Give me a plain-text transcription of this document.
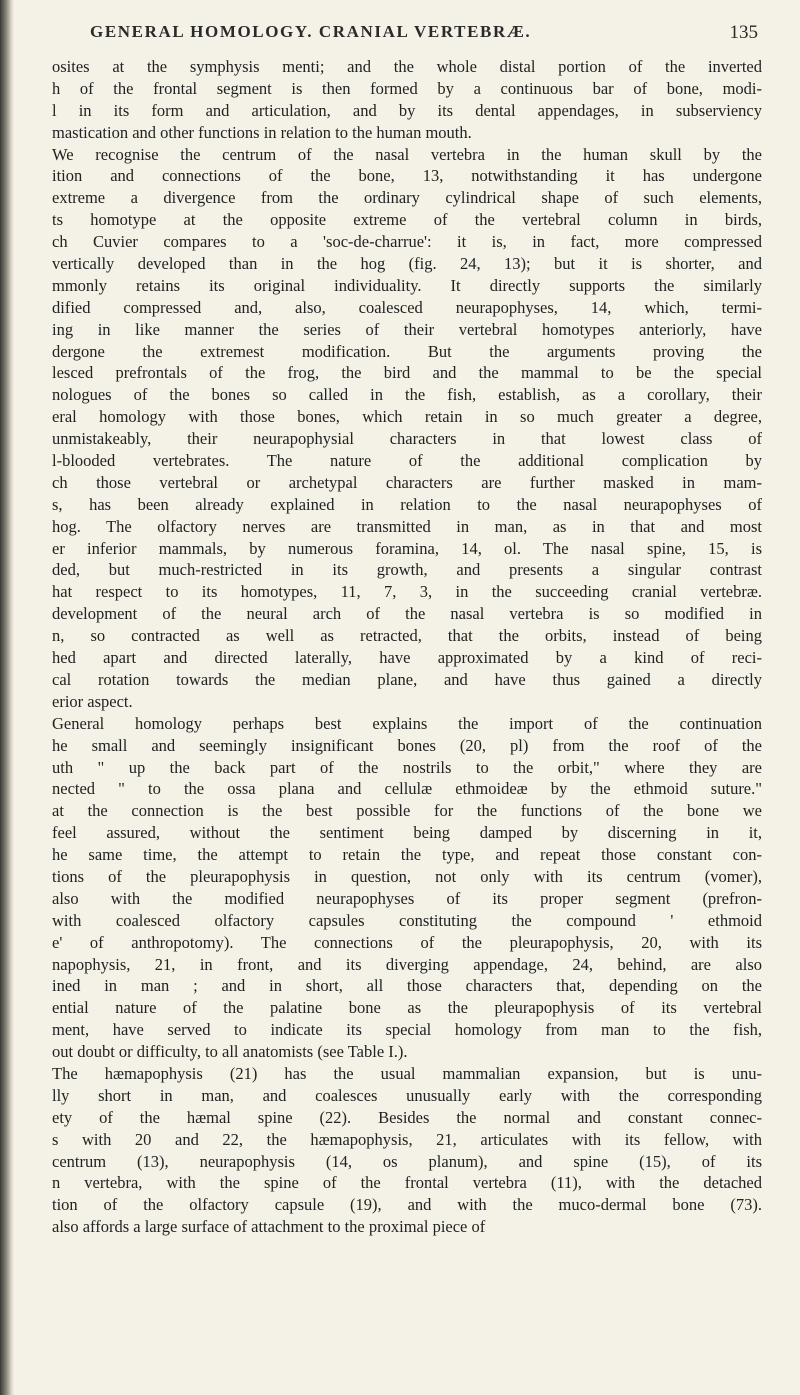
GENERAL HOMOLOGY. CRANIAL VERTEBRÆ.	135
osites at the symphysis menti; and the whole distal portion of the inverted
h of the frontal segment is then formed by a continuous bar of bone, modi-
l in its form and articulation, and by its dental appendages, in subserviency
mastication and other functions in relation to the human mouth.
We recognise the centrum of the nasal vertebra in the human skull by the
ition and connections of the bone, 13, notwithstanding it has undergone
extreme a divergence from the ordinary cylindrical shape of such elements,
ts homotype at the opposite extreme of the vertebral column in birds,
ch Cuvier compares to a 'soc-de-charrue': it is, in fact, more compressed
vertically developed than in the hog (fig. 24, 13); but it is shorter, and
mmonly retains its original individuality. It directly supports the similarly
dified compressed and, also, coalesced neurapophyses, 14, which, termi-
ing in like manner the series of their vertebral homotypes anteriorly, have
dergone the extremest modification. But the arguments proving the
lesced prefrontals of the frog, the bird and the mammal to be the special
nologues of the bones so called in the fish, establish, as a corollary, their
eral homology with those bones, which retain in so much greater a degree,
unmistakeably, their neurapophysial characters in that lowest class of
l-blooded vertebrates. The nature of the additional complication by
ch those vertebral or archetypal characters are further masked in mam-
s, has been already explained in relation to the nasal neurapophyses of
hog. The olfactory nerves are transmitted in man, as in that and most
er inferior mammals, by numerous foramina, 14, ol. The nasal spine, 15, is
ded, but much-restricted in its growth, and presents a singular contrast
hat respect to its homotypes, 11, 7, 3, in the succeeding cranial vertebræ.
development of the neural arch of the nasal vertebra is so modified in
n, so contracted as well as retracted, that the orbits, instead of being
hed apart and directed laterally, have approximated by a kind of reci-
cal rotation towards the median plane, and have thus gained a directly
erior aspect.
General homology perhaps best explains the import of the continuation
he small and seemingly insignificant bones (20, pl) from the roof of the
uth " up the back part of the nostrils to the orbit," where they are
nected " to the ossa plana and cellulæ ethmoideæ by the ethmoid suture."
at the connection is the best possible for the functions of the bone we
feel assured, without the sentiment being damped by discerning in it,
he same time, the attempt to retain the type, and repeat those constant con-
tions of the pleurapophysis in question, not only with its centrum (vomer),
also with the modified neurapophyses of its proper segment (prefron-
with coalesced olfactory capsules constituting the compound ' ethmoid
e' of anthropotomy). The connections of the pleurapophysis, 20, with its
napophysis, 21, in front, and its diverging appendage, 24, behind, are also
ined in man ; and in short, all those characters that, depending on the
ential nature of the palatine bone as the pleurapophysis of its vertebral
ment, have served to indicate its special homology from man to the fish,
out doubt or difficulty, to all anatomists (see Table I.).
The hæmapophysis (21) has the usual mammalian expansion, but is unu-
lly short in man, and coalesces unusually early with the corresponding
ety of the hæmal spine (22). Besides the normal and constant connec-
s with 20 and 22, the hæmapophysis, 21, articulates with its fellow, with
centrum (13), neurapophysis (14, os planum), and spine (15), of its
n vertebra, with the spine of the frontal vertebra (11), with the detached
tion of the olfactory capsule (19), and with the muco-dermal bone (73).
also affords a large surface of attachment to the proximal piece of
